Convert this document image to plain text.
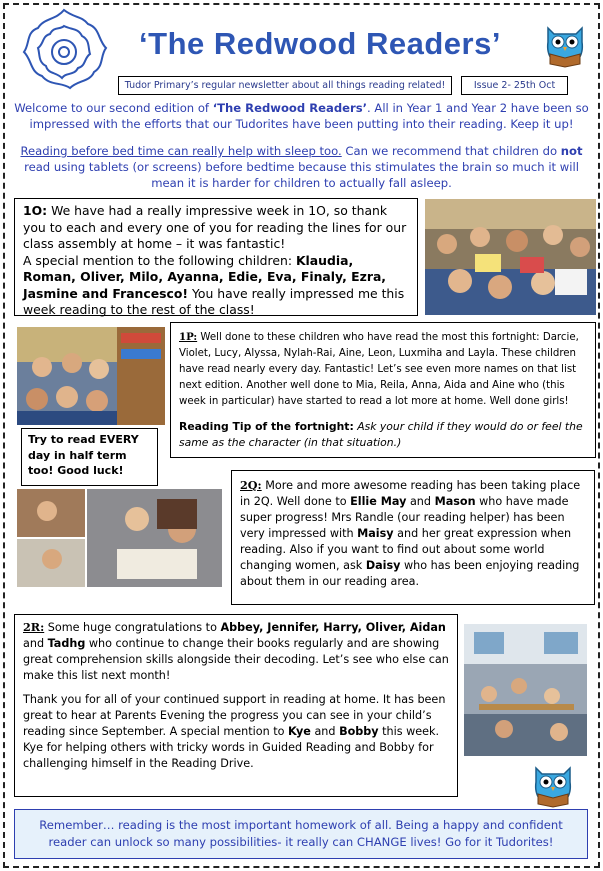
‘The Redwood Readers’
Tudor Primary’s regular newsletter about all things reading related!	Issue 2- 25th Oct
Welcome to our second edition of ‘The Redwood Readers’. All in Year 1 and Year 2 have been so impressed with the efforts that our Tudorites have been putting into their reading. Keep it up!
Reading before bed time can really help with sleep too. Can we recommend that children do not read using tablets (or screens) before bedtime because this stimulates the brain so much it will mean it is harder for children to actually fall asleep.

1O: We have had a really impressive week in 1O, so thank you to each and every one of you for reading the lines for our class assembly at home – it was fantastic!

A special mention to the following children: Klaudia, Roman, Oliver, Milo, Ayanna, Edie, Eva, Finaly, Ezra, Jasmine and Francesco! You have really impressed me this week reading to the rest of the class!

Try to read EVERY day in half term too! Good luck!

1P: Well done to these children who have read the most this fortnight: Darcie, Violet, Lucy, Alyssa, Nylah-Rai, Aine, Leon, Luxmiha and Layla. These children have read nearly every day. Fantastic! Let’s see even more names on that list next edition. Another well done to Mia, Reila, Anna, Aida and Aine who (this week in particular) have started to read a lot more at home. Well done girls!

Reading Tip of the fortnight: Ask your child if they would do or feel the same as the character (in that situation.)

2Q: More and more awesome reading has been taking place in 2Q. Well done to Ellie May and Mason who have made super progress! Mrs Randle (our reading helper) has been very impressed with Maisy and her great expression when reading. Also if you want to find out about some world changing women, ask Daisy who has been enjoying reading about them in our reading area.

2R: Some huge congratulations to Abbey, Jennifer, Harry, Oliver, Aidan and Tadhg who continue to change their books regularly and are showing great comprehension skills alongside their decoding. Let’s see who else can make this list next month!

Thank you for all of your continued support in reading at home. It has been great to hear at Parents Evening the progress you can see in your child’s reading since September. A special mention to Kye and Bobby this week. Kye for helping others with tricky words in Guided Reading and Bobby for challenging himself in the Reading Drive.

Remember… reading is the most important homework of all. Being a happy and confident reader can unlock so many possibilities- it really can CHANGE lives! Go for it Tudorites!
